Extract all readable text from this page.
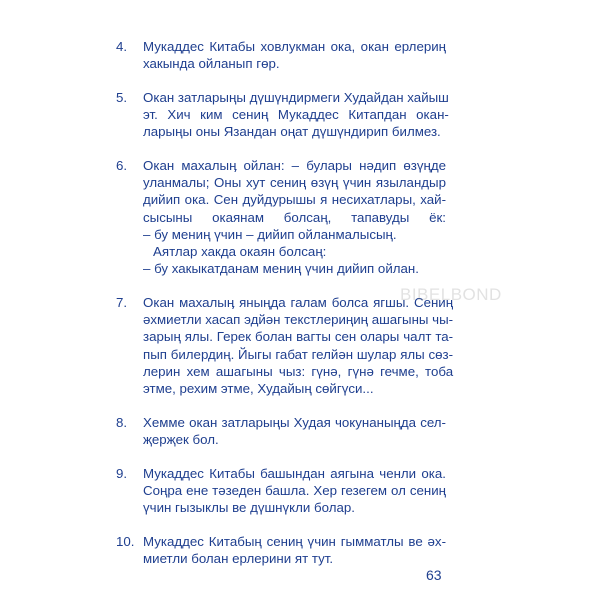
4.	Мукаддес Китабы ховлукман ока, окан ерлериң
хакында ойланып гөр.
5.	Окан затларыңы дүшүндирмеги Худайдан хайыш
эт. Хич ким сениң Мукаддес Китапдан окан-
ларыңы оны Язандан оңат дүшүндирип билмез.
6.	Окан махалыӊ ойлан: – булары нәдип өзүңде
уланмалы; Оны хут сениң өзүң үчин языландыр
дийип ока. Сен дуйдурышы я несихатлары, хай-
сысыны окаянам болсаң, тапавуды ёк:
– бу мениң үчин – дийип ойланмалысың.
Аятлар хакда окаян болсаң:
– бу хакыкатданам мениң үчин дийип ойлан.
7.	Окан махалыӊ яныңда галам болса ягшы. Сениң
әхмиетли хасап эдйән текстлериңиң ашагыны чы-
зарың ялы. Герек болан вагты сен олары чалт та-
пып билердиң. Йыгы габат гелйән шулар ялы сөз-
лерин хем ашагыны чыз: гүнә, гүнә гечме, тоба
этме, рехим этме, Худайың сөйгүси...
8.	Хемме окан затларыңы Худая чокунаныңда сел-
җерҗек бол.
9.	Мукаддес Китабы башындан аягына ченли ока.
Соңра ене тәзеден башла. Хер гезегем ол сениң
үчин гызыклы ве дүшнүкли болар.
10. Мукаддес Китабың сениң үчин гымматлы ве әх-
миетли болан ерлерини ят тут.
BIBELBOND
63
